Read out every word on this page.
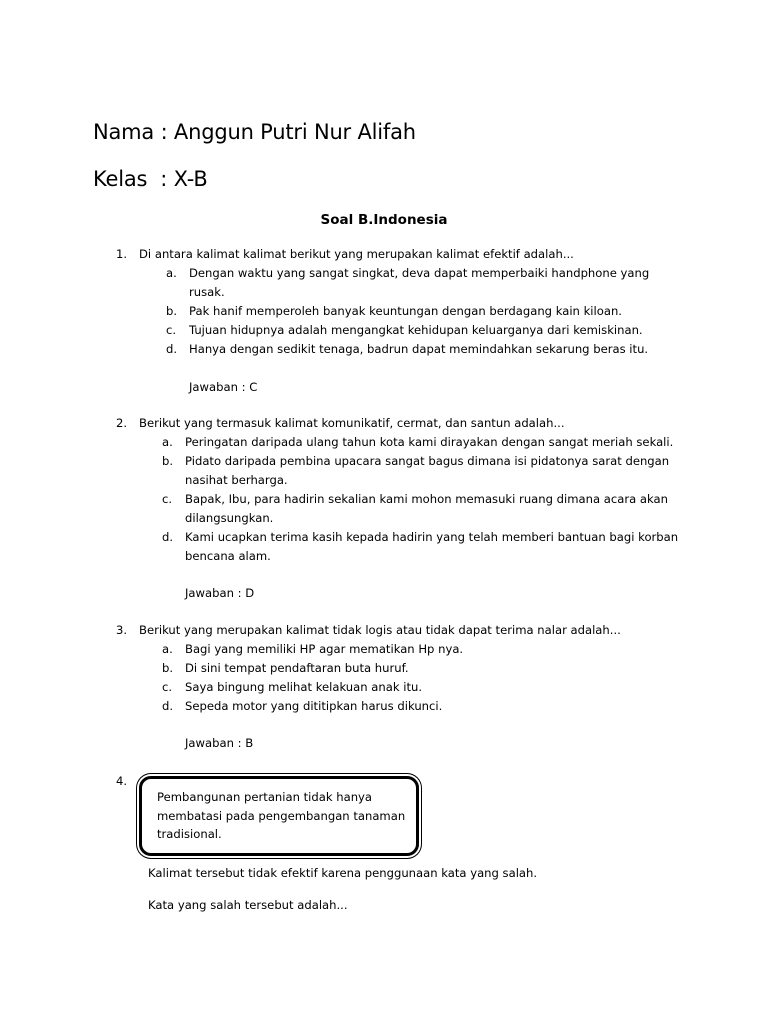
Nama : Anggun Putri Nur Alifah
Kelas  : X-B
Soal B.Indonesia
1.	Di antara kalimat kalimat berikut yang merupakan kalimat efektif adalah...
a.	Dengan waktu yang sangat singkat, deva dapat memperbaiki handphone yang
rusak.
b.	Pak hanif memperoleh banyak keuntungan dengan berdagang kain kiloan.
c.	Tujuan hidupnya adalah mengangkat kehidupan keluarganya dari kemiskinan.
d.	Hanya dengan sedikit tenaga, badrun dapat memindahkan sekarung beras itu.
Jawaban : C
2.	Berikut yang termasuk kalimat komunikatif, cermat, dan santun adalah...
a.	Peringatan daripada ulang tahun kota kami dirayakan dengan sangat meriah sekali.
b.	Pidato daripada pembina upacara sangat bagus dimana isi pidatonya sarat dengan
nasihat berharga.
c.	Bapak, Ibu, para hadirin sekalian kami mohon memasuki ruang dimana acara akan
dilangsungkan.
d.	Kami ucapkan terima kasih kepada hadirin yang telah memberi bantuan bagi korban
bencana alam.
Jawaban : D
3.	Berikut yang merupakan kalimat tidak logis atau tidak dapat terima nalar adalah...
a.	Bagi yang memiliki HP agar mematikan Hp nya.
b.	Di sini tempat pendaftaran buta huruf.
c.	Saya bingung melihat kelakuan anak itu.
d.	Sepeda motor yang dititipkan harus dikunci.
Jawaban : B
4.
Pembangunan pertanian tidak hanya
membatasi pada pengembangan tanaman
tradisional.
Kalimat tersebut tidak efektif karena penggunaan kata yang salah.
Kata yang salah tersebut adalah...
